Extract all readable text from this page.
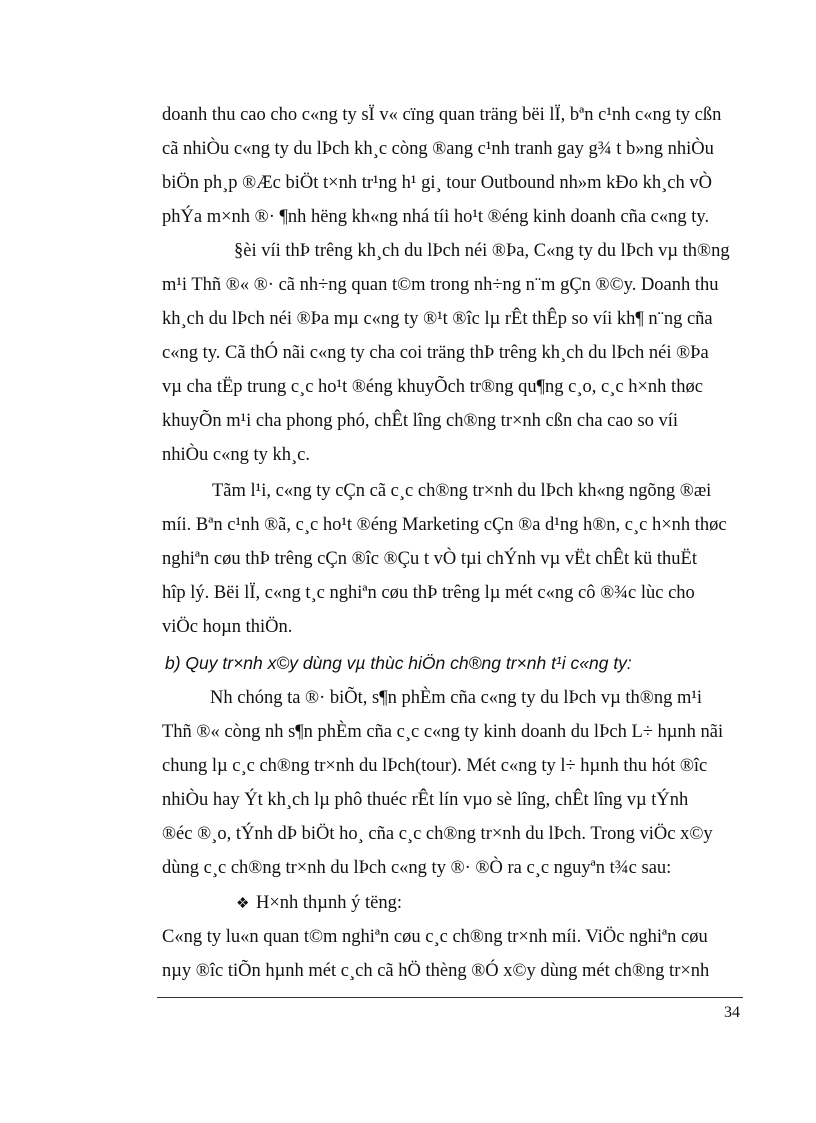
doanh thu cao cho c«ng ty sÏ v« cïng quan träng bëi lÏ, bªn c¹nh c«ng ty cßn
cã nhiÒu c«ng ty du lÞch kh¸c còng ®ang c¹nh tranh gay g¾ t b»ng nhiÒu
biÖn ph¸p ®Æc biÖt t×nh tr¹ng h¹ gi¸ tour Outbound nh»m kÐo kh¸ch vÒ
phÝa m×nh ®· ¶nh hëng kh«ng nhá tíi ho¹t ®éng kinh doanh cña c«ng ty.
§èi víi thÞ trêng kh¸ch du lÞch néi ®Þa, C«ng ty du lÞch vµ th®ng
m¹i Thñ ®« ®· cã nh÷ng quan t©m trong nh÷ng n¨m gÇn ®©y. Doanh thu
kh¸ch du lÞch néi ®Þa mµ c«ng ty ®¹t ®îc lµ rÊt thÊp so víi kh¶ n¨ng cña
c«ng ty. Cã thÓ nãi c«ng ty cha coi träng thÞ trêng kh¸ch du lÞch néi ®Þa
vµ cha tËp trung c¸c ho¹t ®éng khuyÕch tr®ng qu¶ng c¸o, c¸c h×nh thøc
khuyÕn m¹i cha phong phó, chÊt lîng ch®ng tr×nh cßn cha cao so víi
nhiÒu c«ng ty kh¸c.
Tãm l¹i, c«ng ty cÇn cã c¸c ch®ng tr×nh du lÞch kh«ng ngõng ®æi
míi. Bªn c¹nh ®ã, c¸c ho¹t ®éng Marketing cÇn ®a d¹ng h®n, c¸c h×nh thøc
nghiªn cøu thÞ trêng cÇn ®îc ®Çu t vÒ tµi chÝnh vµ vËt chÊt kü thuËt
hîp lý. Bëi lÏ, c«ng t¸c nghiªn cøu thÞ trêng lµ mét c«ng cô ®¾c lùc cho
viÖc hoµn thiÖn.
b) Quy tr×nh x©y dùng vµ thùc hiÖn ch®ng tr×nh t¹i c«ng ty:
Nh chóng ta ®· biÕt, s¶n phÈm cña c«ng ty du lÞch vµ th®ng m¹i
Thñ ®« còng nh s¶n phÈm cña c¸c c«ng ty kinh doanh du lÞch L÷ hµnh nãi
chung lµ c¸c ch®ng tr×nh du lÞch(tour). Mét c«ng ty l÷ hµnh thu hót ®îc
nhiÒu hay Ýt kh¸ch lµ phô thuéc rÊt lín vµo sè lîng, chÊt lîng vµ tÝnh
®éc ®¸o, tÝnh dÞ biÖt ho¸ cña c¸c ch®ng tr×nh du lÞch. Trong viÖc x©y
dùng c¸c ch®ng tr×nh du lÞch c«ng ty ®· ®Ò ra c¸c nguyªn t¾c sau:
❖ H×nh thµnh ý tëng:
C«ng ty lu«n quan t©m nghiªn cøu c¸c ch®ng tr×nh míi. ViÖc nghiªn cøu
nµy ®îc tiÕn hµnh mét c¸ch cã hÖ thèng ®Ó x©y dùng mét ch®ng tr×nh
34
